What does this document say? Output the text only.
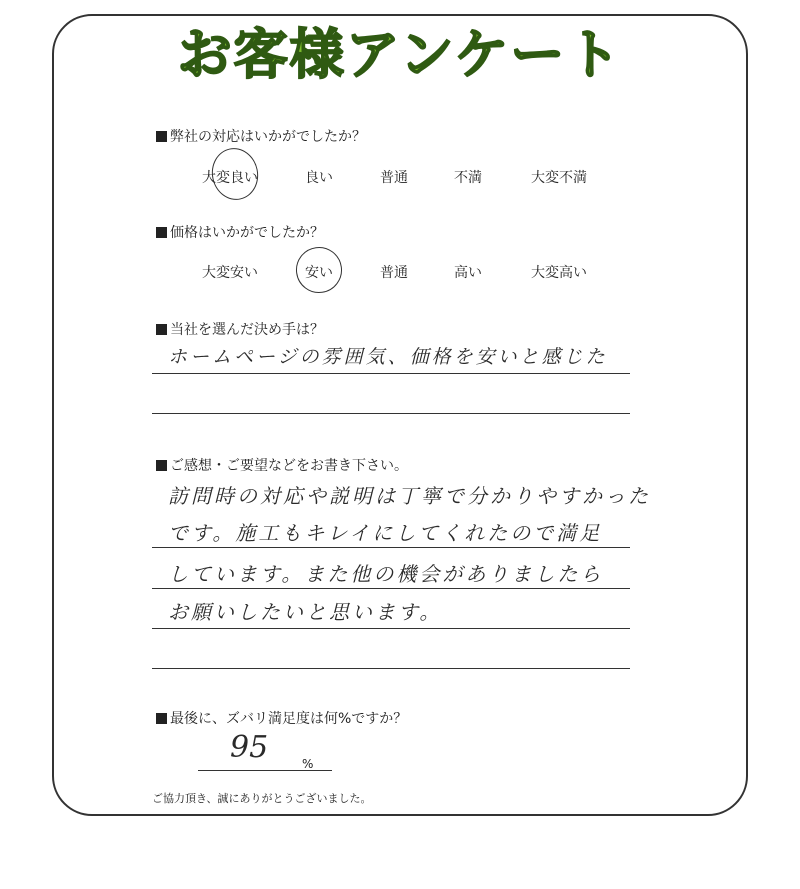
お客様アンケート
弊社の対応はいかがでしたか？
大変良い	良い	普通	不満	大変不満
価格はいかがでしたか？
大変安い	安い	普通	高い	大変高い
当社を選んだ決め手は？
ホームページの雰囲気、価格を安いと感じた
ご感想・ご要望などをお書き下さい。
訪問時の対応や説明は丁寧で分かりやすかった
です。施工もキレイにしてくれたので満足
しています。また他の機会がありましたら
お願いしたいと思います。
最後に、ズバリ満足度は何%ですか？
95	%
ご協力頂き、誠にありがとうございました。
